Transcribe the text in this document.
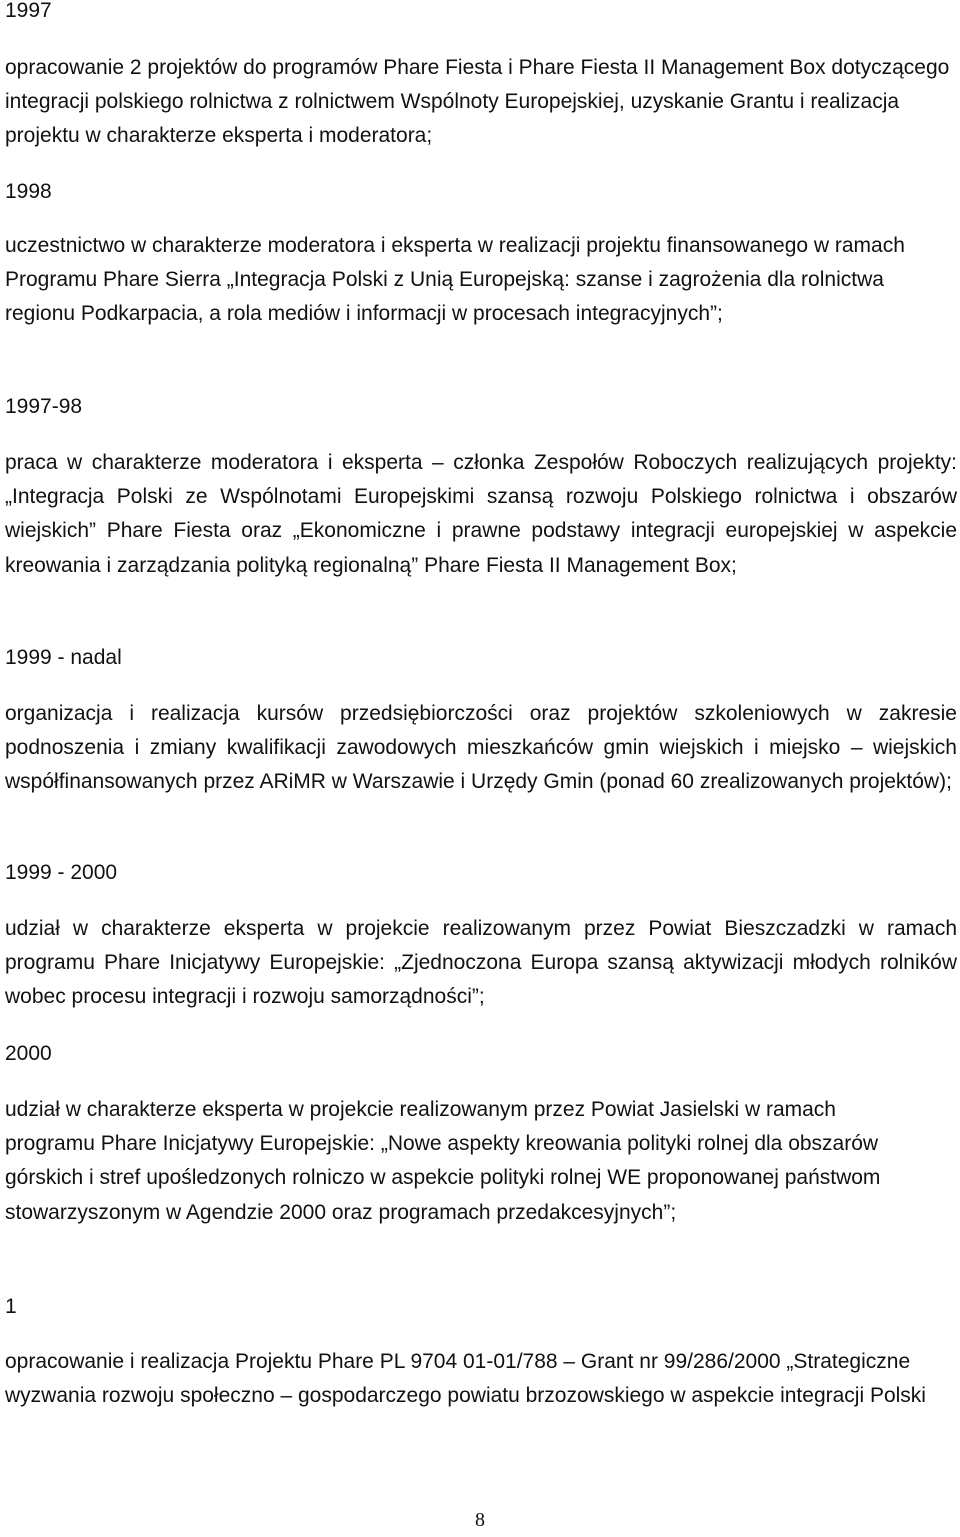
1997

opracowanie 2 projektów do programów Phare Fiesta i Phare Fiesta II Management Box dotyczącego integracji polskiego rolnictwa z rolnictwem Wspólnoty Europejskiej, uzyskanie Grantu i realizacja projektu w charakterze eksperta i moderatora;

1998

uczestnictwo w charakterze moderatora i eksperta w realizacji projektu finansowanego w ramach Programu Phare Sierra „Integracja Polski z Unią Europejską: szanse i zagrożenia dla rolnictwa regionu Podkarpacia, a rola mediów i informacji w procesach integracyjnych”;

1997-98

praca w charakterze moderatora i eksperta – członka Zespołów Roboczych realizujących projekty: „Integracja Polski ze Wspólnotami Europejskimi szansą rozwoju Polskiego rolnictwa i obszarów wiejskich” Phare Fiesta oraz „Ekonomiczne i prawne podstawy integracji europejskiej w aspekcie kreowania i zarządzania polityką regionalną” Phare Fiesta II Management Box;

1999 - nadal

organizacja i realizacja kursów przedsiębiorczości oraz projektów szkoleniowych w zakresie podnoszenia i zmiany kwalifikacji zawodowych mieszkańców gmin wiejskich i miejsko – wiejskich współfinansowanych przez ARiMR w Warszawie i Urzędy Gmin (ponad 60 zrealizowanych projektów);

1999 - 2000

udział w charakterze eksperta w projekcie realizowanym przez Powiat Bieszczadzki w ramach programu Phare Inicjatywy Europejskie: „Zjednoczona Europa szansą aktywizacji młodych rolników wobec procesu integracji i rozwoju samorządności”;

2000

udział w charakterze eksperta w projekcie realizowanym przez Powiat Jasielski w ramach programu Phare Inicjatywy Europejskie: „Nowe aspekty kreowania polityki rolnej dla obszarów górskich i stref upośledzonych rolniczo w aspekcie polityki rolnej WE proponowanej państwom stowarzyszonym w Agendzie 2000 oraz programach przedakcesyjnych”;

1

opracowanie i realizacja Projektu Phare PL 9704 01-01/788 – Grant nr 99/286/2000 „Strategiczne wyzwania rozwoju społeczno – gospodarczego powiatu brzozowskiego w aspekcie integracji Polski

8
